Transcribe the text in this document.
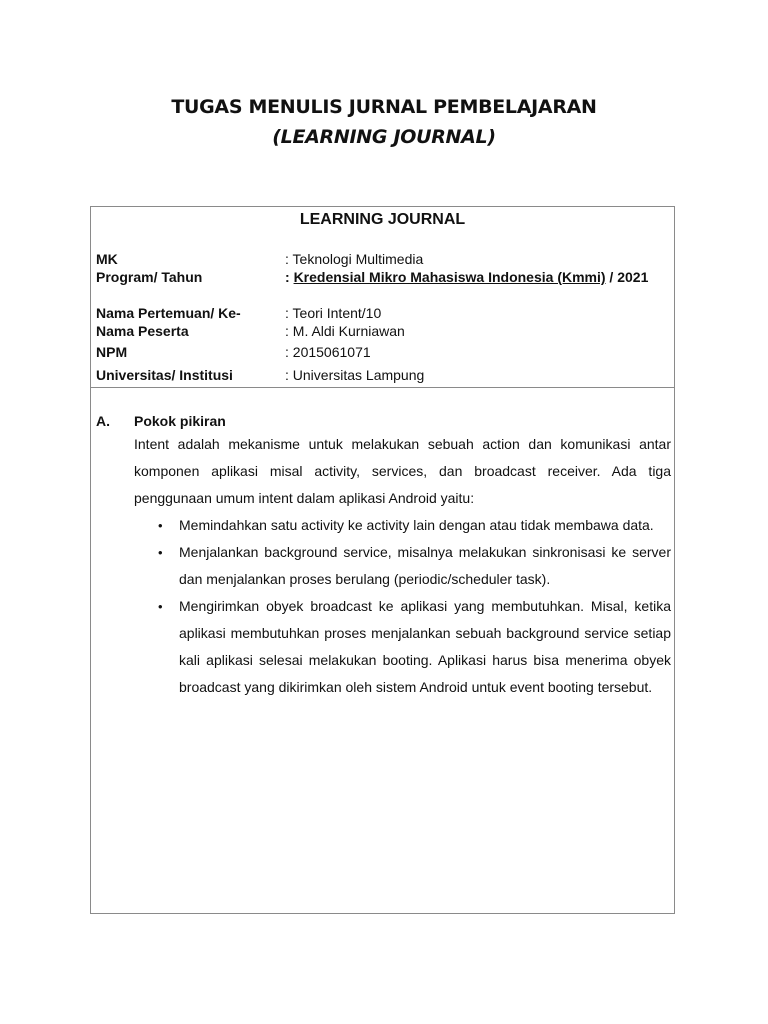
TUGAS MENULIS JURNAL PEMBELAJARAN
(LEARNING JOURNAL)
LEARNING JOURNAL
MK	: Teknologi Multimedia
Program/ Tahun	: Kredensial Mikro Mahasiswa Indonesia (Kmmi) / 2021
Nama Pertemuan/ Ke-	: Teori Intent/10
Nama Peserta	: M. Aldi Kurniawan
NPM	: 2015061071
Universitas/ Institusi	: Universitas Lampung
A. Pokok pikiran

Intent adalah mekanisme untuk melakukan sebuah action dan komunikasi antar komponen aplikasi misal activity, services, dan broadcast receiver. Ada tiga penggunaan umum intent dalam aplikasi Android yaitu:

• Memindahkan satu activity ke activity lain dengan atau tidak membawa data.
• Menjalankan background service, misalnya melakukan sinkronisasi ke server dan menjalankan proses berulang (periodic/scheduler task).
• Mengirimkan obyek broadcast ke aplikasi yang membutuhkan. Misal, ketika aplikasi membutuhkan proses menjalankan sebuah background service setiap kali aplikasi selesai melakukan booting. Aplikasi harus bisa menerima obyek broadcast yang dikirimkan oleh sistem Android untuk event booting tersebut.
